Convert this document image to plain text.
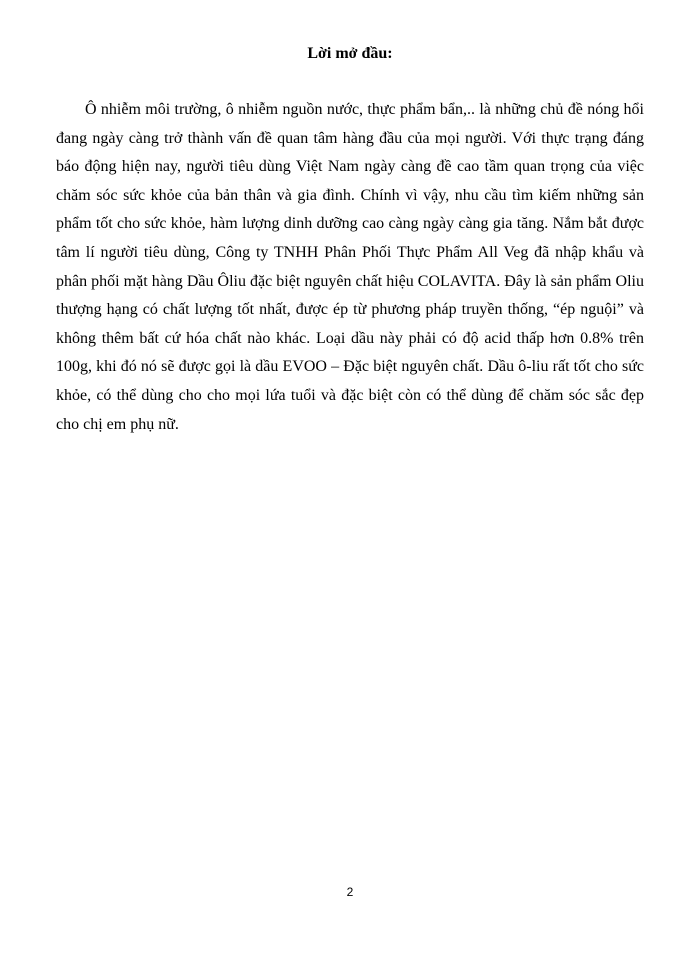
Lời mở đầu:

Ô nhiễm môi trường, ô nhiễm nguồn nước, thực phẩm bẩn,.. là những chủ đề nóng hổi đang ngày càng trở thành vấn đề quan tâm hàng đầu của mọi người. Với thực trạng đáng báo động hiện nay, người tiêu dùng Việt Nam ngày càng đề cao tầm quan trọng của việc chăm sóc sức khỏe của bản thân và gia đình. Chính vì vậy, nhu cầu tìm kiếm những sản phẩm tốt cho sức khỏe, hàm lượng dinh dưỡng cao càng ngày càng gia tăng. Nắm bắt được tâm lí người tiêu dùng, Công ty TNHH Phân Phối Thực Phẩm All Veg đã nhập khẩu và phân phối mặt hàng Dầu Ôliu đặc biệt nguyên chất hiệu COLAVITA. Đây là sản phẩm Oliu thượng hạng có chất lượng tốt nhất, được ép từ phương pháp truyền thống, “ép nguội” và không thêm bất cứ hóa chất nào khác. Loại dầu này phải có độ acid thấp hơn 0.8% trên 100g, khi đó nó sẽ được gọi là dầu EVOO – Đặc biệt nguyên chất. Dầu ô-liu rất tốt cho sức khỏe, có thể dùng cho cho mọi lứa tuổi và đặc biệt còn có thể dùng để chăm sóc sắc đẹp cho chị em phụ nữ.

2
